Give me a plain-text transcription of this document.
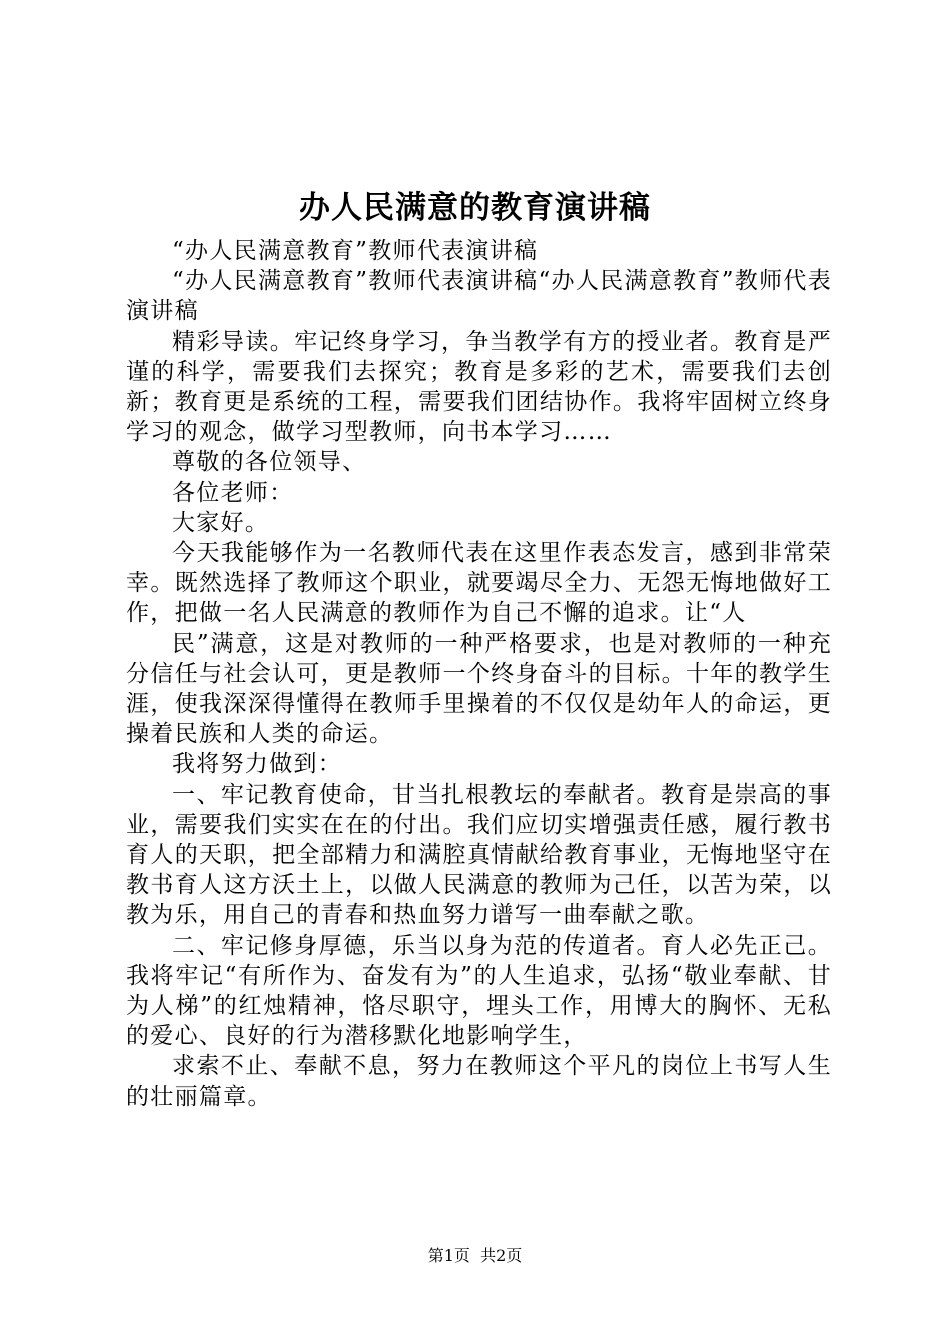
办人民满意的教育演讲稿

“办人民满意教育”教师代表演讲稿

“办人民满意教育”教师代表演讲稿“办人民满意教育”教师代表演讲稿

精彩导读。牢记终身学习，争当教学有方的授业者。教育是严谨的科学，需要我们去探究；教育是多彩的艺术，需要我们去创新；教育更是系统的工程，需要我们团结协作。我将牢固树立终身学习的观念，做学习型教师，向书本学习……

尊敬的各位领导、

各位老师：

大家好。

今天我能够作为一名教师代表在这里作表态发言，感到非常荣幸。既然选择了教师这个职业，就要竭尽全力、无怨无悔地做好工作，把做一名人民满意的教师作为自己不懈的追求。让“人

民”满意，这是对教师的一种严格要求，也是对教师的一种充分信任与社会认可，更是教师一个终身奋斗的目标。十年的教学生涯，使我深深得懂得在教师手里操着的不仅仅是幼年人的命运，更操着民族和人类的命运。

我将努力做到：

一、牢记教育使命，甘当扎根教坛的奉献者。教育是崇高的事业，需要我们实实在在的付出。我们应切实增强责任感，履行教书育人的天职，把全部精力和满腔真情献给教育事业，无悔地坚守在教书育人这方沃土上，以做人民满意的教师为己任，以苦为荣，以教为乐，用自己的青春和热血努力谱写一曲奉献之歌。

二、牢记修身厚德，乐当以身为范的传道者。育人必先正己。我将牢记“有所作为、奋发有为”的人生追求，弘扬“敬业奉献、甘为人梯”的红烛精神，恪尽职守，埋头工作，用博大的胸怀、无私的爱心、良好的行为潜移默化地影响学生，

求索不止、奉献不息，努力在教师这个平凡的岗位上书写人生的壮丽篇章。

第1页 共2页
